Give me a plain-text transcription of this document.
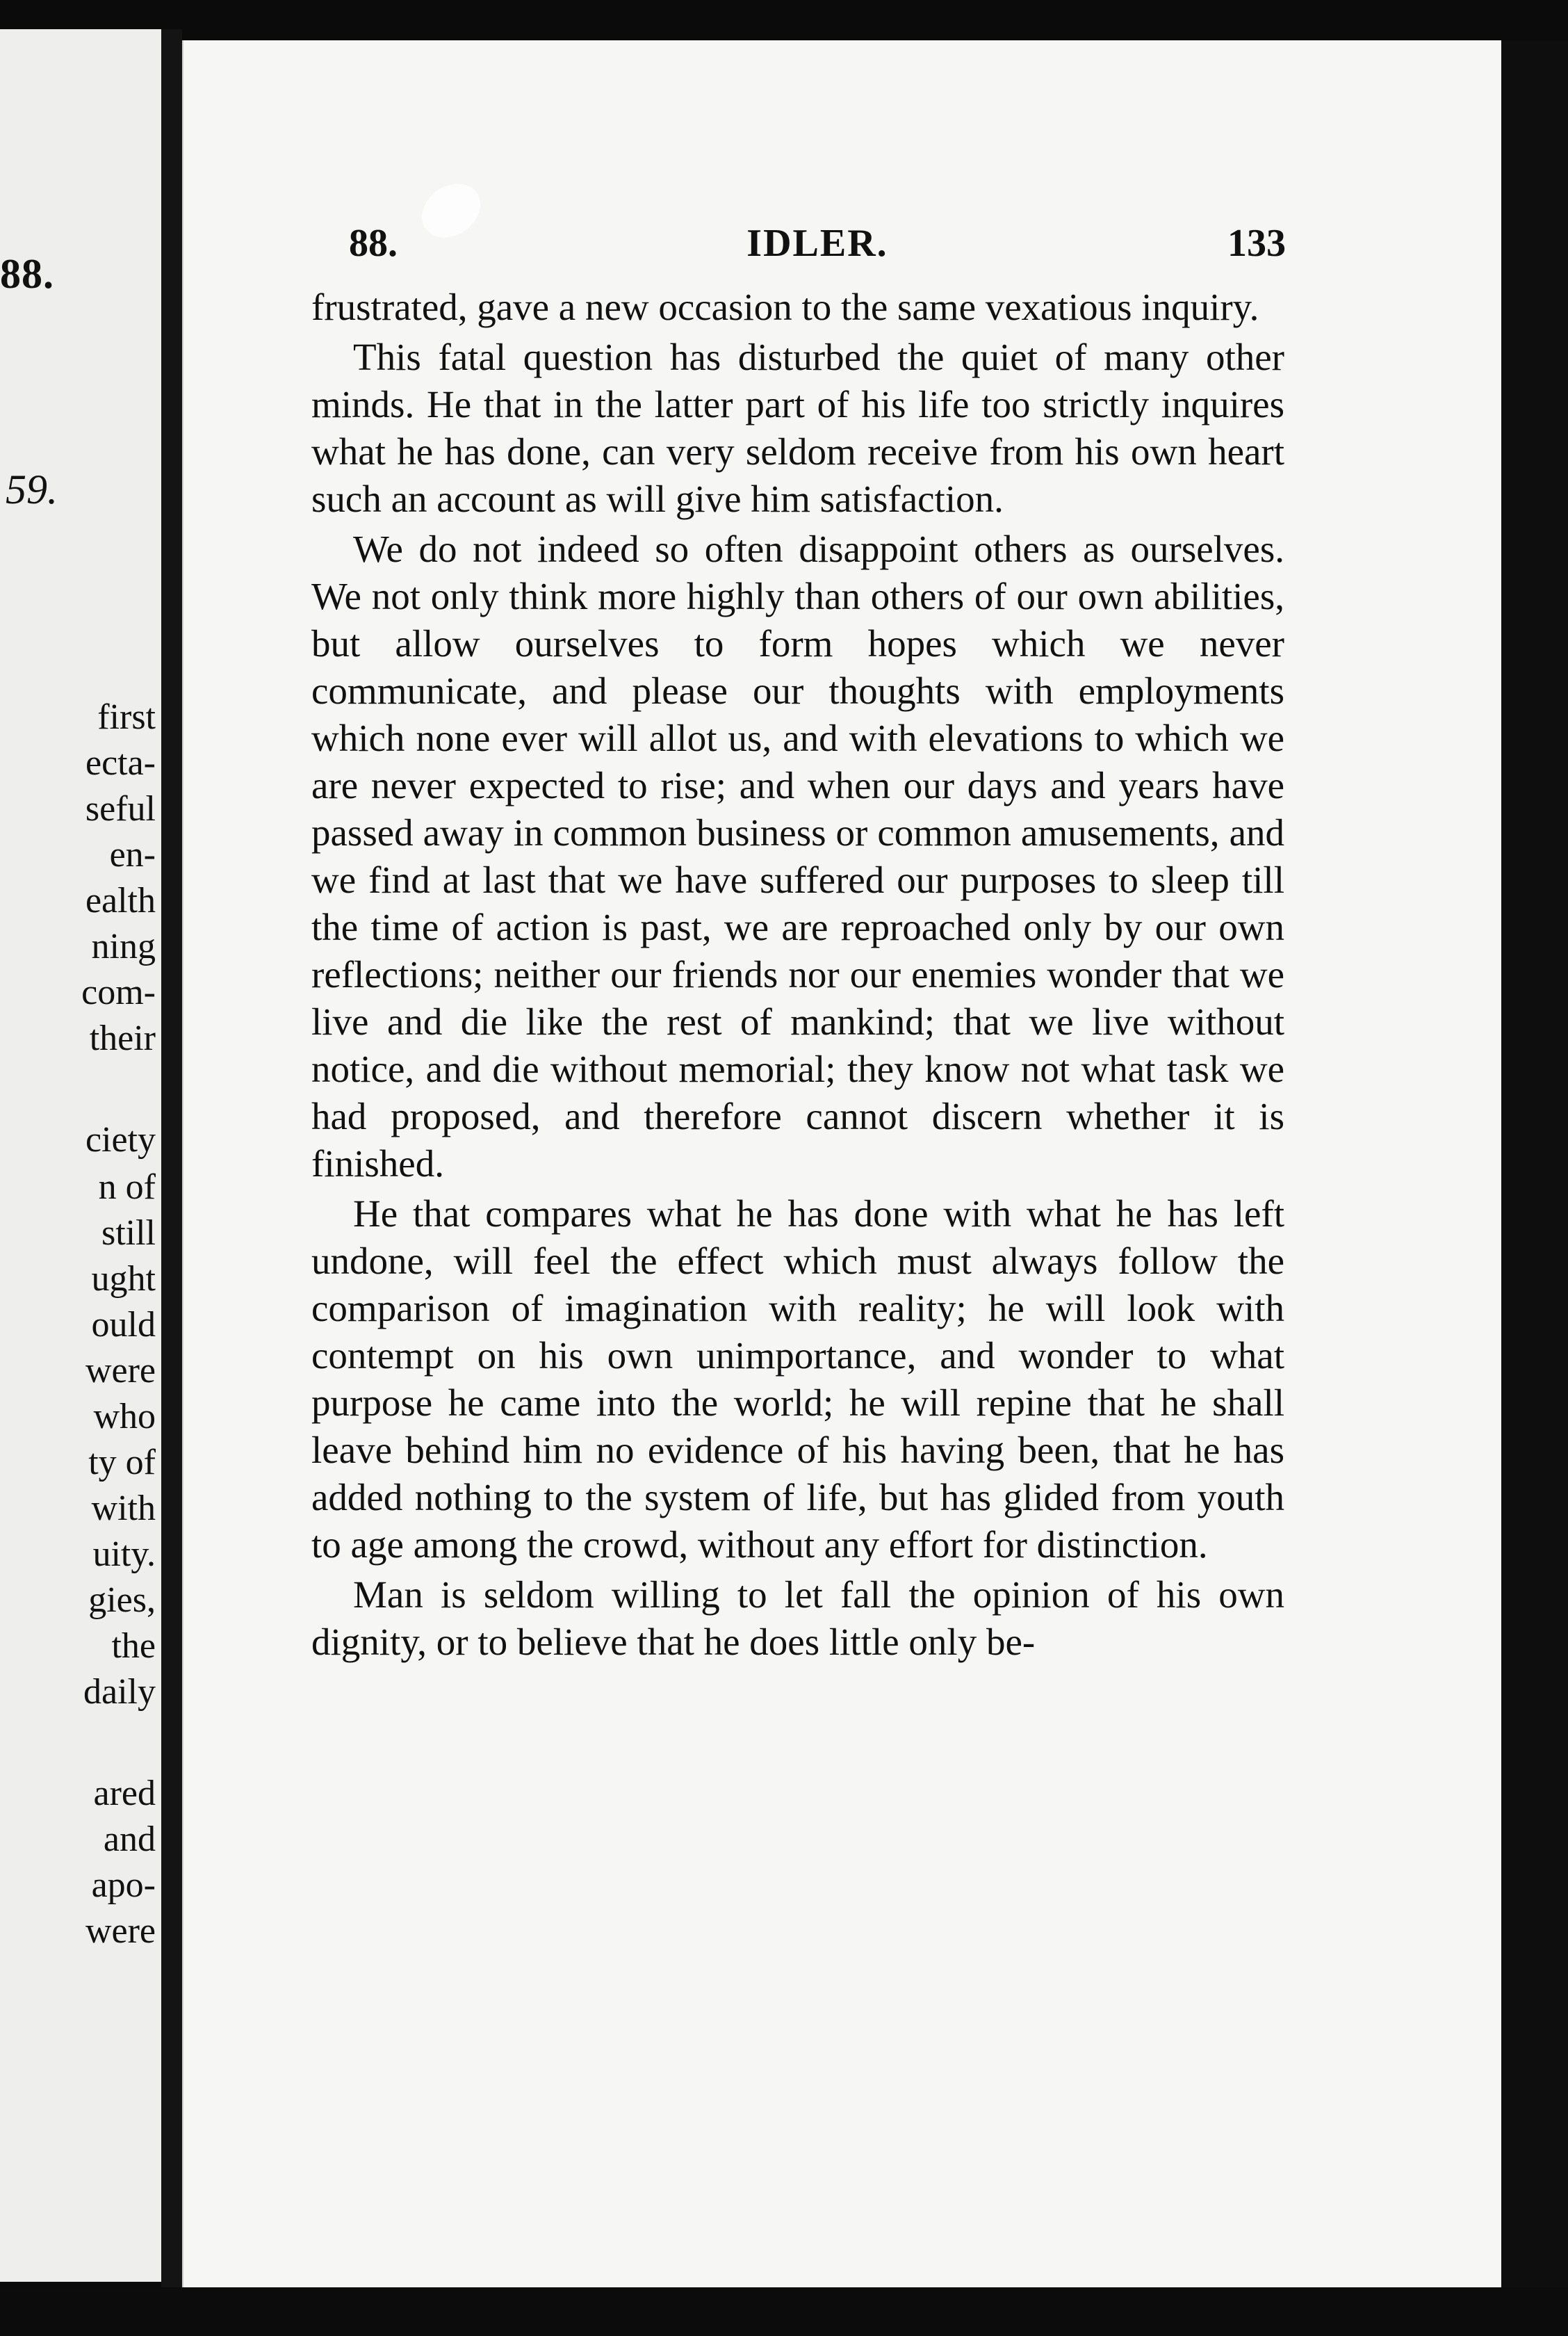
88.
59.
first
ecta-
seful
en-
ealth
ning
com-
their
ciety
n of
still
ught
ould
were
who
ty of
with
uity.
gies,
the
daily
ared
and
apo-
were
88.	IDLER.	133

frustrated, gave a new occasion to the same vexatious inquiry.

This fatal question has disturbed the quiet of many other minds. He that in the latter part of his life too strictly inquires what he has done, can very seldom receive from his own heart such an account as will give him satisfaction.

We do not indeed so often disappoint others as ourselves. We not only think more highly than others of our own abilities, but allow ourselves to form hopes which we never communicate, and please our thoughts with employments which none ever will allot us, and with elevations to which we are never expected to rise; and when our days and years have passed away in common business or common amusements, and we find at last that we have suffered our purposes to sleep till the time of action is past, we are reproached only by our own reflections; neither our friends nor our enemies wonder that we live and die like the rest of mankind; that we live without notice, and die without memorial; they know not what task we had proposed, and therefore cannot discern whether it is finished.

He that compares what he has done with what he has left undone, will feel the effect which must always follow the comparison of imagination with reality; he will look with contempt on his own unimportance, and wonder to what purpose he came into the world; he will repine that he shall leave behind him no evidence of his having been, that he has added nothing to the system of life, but has glided from youth to age among the crowd, without any effort for distinction.

Man is seldom willing to let fall the opinion of his own dignity, or to believe that he does little only be-
